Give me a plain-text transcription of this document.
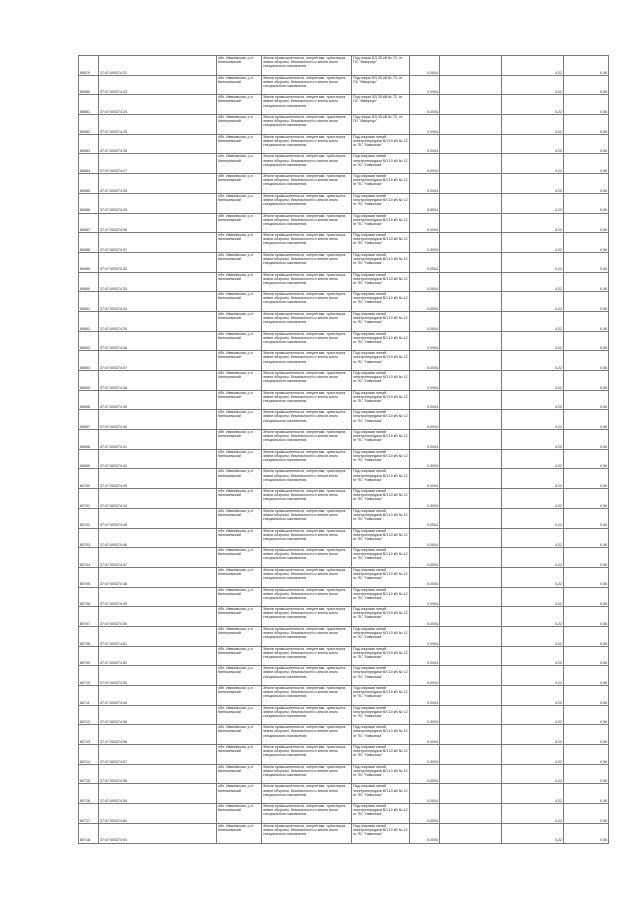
80679	37:07:000374:22	обл. Ивановская, р-н Кинешемский	Земли промышленности, энергетики, транспорта, земли обороны, безопасности и земли иного специального назначения	Под опоры ВЛ-35 кВ № 72, от ПС "Ивкорпус"	0,0004		4,22	0,06
80680	37:07:000374:23	обл. Ивановская, р-н Кинешемский	Земли промышленности, энергетики, транспорта, земли обороны, безопасности и земли иного специального назначения	Под опоры ВЛ-35 кВ № 72, от ПС "Ивкорпус"	0,0004		4,22	0,06
80681	37:07:000374:24	обл. Ивановская, р-н Кинешемский	Земли промышленности, энергетики, транспорта, земли обороны, безопасности и земли иного специального назначения	Под опоры ВЛ-35 кВ № 72, от ПС "Ивкорпус"	0,0004		4,22	0,06
80682	37:07:000374:25	обл. Ивановская, р-н Кинешемский	Земли промышленности, энергетики, транспорта, земли обороны, безопасности и земли иного специального назначения	Под опоры ВЛ-35 кВ № 72, от ПС "Ивкорпус"	0,0004		4,22	0,06
80683	37:07:000374:26	обл. Ивановская, р-н Кинешемский	Земли промышленности, энергетики, транспорта, земли обороны, безопасности и земли иного специального назначения	Под опорами линий электропередачи ВЛ-10 кВ № 12 от ПС "Наволоки"	0,0004		4,22	0,06
80684	37:07:000374:27	обл. Ивановская, р-н Кинешемский	Земли промышленности, энергетики, транспорта, земли обороны, безопасности и земли иного специального назначения	Под опорами линий электропередачи ВЛ-10 кВ № 12 от ПС "Наволоки"	0,0004		4,22	0,06
80685	37:07:000374:28	обл. Ивановская, р-н Кинешемский	Земли промышленности, энергетики, транспорта, земли обороны, безопасности и земли иного специального назначения	Под опорами линий электропередачи ВЛ-10 кВ № 12 от ПС "Наволоки"	0,0004		4,22	0,06
80686	37:07:000374:29	обл. Ивановская, р-н Кинешемский	Земли промышленности, энергетики, транспорта, земли обороны, безопасности и земли иного специального назначения	Под опорами линий электропередачи ВЛ-10 кВ № 12 от ПС "Наволоки"	0,0004		4,22	0,06
80687	37:07:000374:30	обл. Ивановская, р-н Кинешемский	Земли промышленности, энергетики, транспорта, земли обороны, безопасности и земли иного специального назначения	Под опорами линий электропередачи ВЛ-10 кВ № 12 от ПС "Наволоки"	0,0004		4,22	0,06
80688	37:07:000374:31	обл. Ивановская, р-н Кинешемский	Земли промышленности, энергетики, транспорта, земли обороны, безопасности и земли иного специального назначения	Под опорами линий электропередачи ВЛ-10 кВ № 12 от ПС "Наволоки"	0,0004		4,22	0,06
80689	37:07:000374:32	обл. Ивановская, р-н Кинешемский	Земли промышленности, энергетики, транспорта, земли обороны, безопасности и земли иного специального назначения	Под опорами линий электропередачи ВЛ-10 кВ № 12 от ПС "Наволоки"	0,0004		4,22	0,06
80690	37:07:000374:33	обл. Ивановская, р-н Кинешемский	Земли промышленности, энергетики, транспорта, земли обороны, безопасности и земли иного специального назначения	Под опорами линий электропередачи ВЛ-10 кВ № 12 от ПС "Наволоки"	0,0004		4,22	0,06
80691	37:07:000374:34	обл. Ивановская, р-н Кинешемский	Земли промышленности, энергетики, транспорта, земли обороны, безопасности и земли иного специального назначения	Под опорами линий электропередачи ВЛ-10 кВ № 12 от ПС "Наволоки"	0,0004		4,22	0,06
80692	37:07:000374:35	обл. Ивановская, р-н Кинешемский	Земли промышленности, энергетики, транспорта, земли обороны, безопасности и земли иного специального назначения	Под опорами линий электропередачи ВЛ-10 кВ № 12 от ПС "Наволоки"	0,0004		4,22	0,06
80693	37:07:000374:36	обл. Ивановская, р-н Кинешемский	Земли промышленности, энергетики, транспорта, земли обороны, безопасности и земли иного специального назначения	Под опорами линий электропередачи ВЛ-10 кВ № 12 от ПС "Наволоки"	0,0004		4,22	0,06
80694	37:07:000374:37	обл. Ивановская, р-н Кинешемский	Земли промышленности, энергетики, транспорта, земли обороны, безопасности и земли иного специального назначения	Под опорами линий электропередачи ВЛ-10 кВ № 12 от ПС "Наволоки"	0,0004		4,22	0,06
80695	37:07:000374:38	обл. Ивановская, р-н Кинешемский	Земли промышленности, энергетики, транспорта, земли обороны, безопасности и земли иного специального назначения	Под опорами линий электропередачи ВЛ-10 кВ № 12 от ПС "Наволоки"	0,0004		4,22	0,06
80696	37:07:000374:39	обл. Ивановская, р-н Кинешемский	Земли промышленности, энергетики, транспорта, земли обороны, безопасности и земли иного специального назначения	Под опорами линий электропередачи ВЛ-10 кВ № 12 от ПС "Наволоки"	0,0004		4,22	0,06
80697	37:07:000374:40	обл. Ивановская, р-н Кинешемский	Земли промышленности, энергетики, транспорта, земли обороны, безопасности и земли иного специального назначения	Под опорами линий электропередачи ВЛ-10 кВ № 12 от ПС "Наволоки"	0,0004		4,22	0,06
80698	37:07:000374:41	обл. Ивановская, р-н Кинешемский	Земли промышленности, энергетики, транспорта, земли обороны, безопасности и земли иного специального назначения	Под опорами линий электропередачи ВЛ-10 кВ № 12 от ПС "Наволоки"	0,0004		4,22	0,06
80699	37:07:000374:42	обл. Ивановская, р-н Кинешемский	Земли промышленности, энергетики, транспорта, земли обороны, безопасности и земли иного специального назначения	Под опорами линий электропередачи ВЛ-10 кВ № 12 от ПС "Наволоки"	0,0004		4,22	0,06
80700	37:07:000374:43	обл. Ивановская, р-н Кинешемский	Земли промышленности, энергетики, транспорта, земли обороны, безопасности и земли иного специального назначения	Под опорами линий электропередачи ВЛ-10 кВ № 12 от ПС "Наволоки"	0,0004		4,22	0,06
80701	37:07:000374:44	обл. Ивановская, р-н Кинешемский	Земли промышленности, энергетики, транспорта, земли обороны, безопасности и земли иного специального назначения	Под опорами линий электропередачи ВЛ-10 кВ № 12 от ПС "Наволоки"	0,0004		4,22	0,06
80702	37:07:000374:45	обл. Ивановская, р-н Кинешемский	Земли промышленности, энергетики, транспорта, земли обороны, безопасности и земли иного специального назначения	Под опорами линий электропередачи ВЛ-10 кВ № 12 от ПС "Наволоки"	0,0004		4,22	0,06
80703	37:07:000374:46	обл. Ивановская, р-н Кинешемский	Земли промышленности, энергетики, транспорта, земли обороны, безопасности и земли иного специального назначения	Под опорами линий электропередачи ВЛ-10 кВ № 12 от ПС "Наволоки"	0,0004		4,22	0,06
80704	37:07:000374:47	обл. Ивановская, р-н Кинешемский	Земли промышленности, энергетики, транспорта, земли обороны, безопасности и земли иного специального назначения	Под опорами линий электропередачи ВЛ-10 кВ № 12 от ПС "Наволоки"	0,0004		4,22	0,06
80705	37:07:000374:48	обл. Ивановская, р-н Кинешемский	Земли промышленности, энергетики, транспорта, земли обороны, безопасности и земли иного специального назначения	Под опорами линий электропередачи ВЛ-10 кВ № 12 от ПС "Наволоки"	0,0004		4,22	0,06
80706	37:07:000374:49	обл. Ивановская, р-н Кинешемский	Земли промышленности, энергетики, транспорта, земли обороны, безопасности и земли иного специального назначения	Под опорами линий электропередачи ВЛ-10 кВ № 12 от ПС "Наволоки"	0,0004		4,22	0,06
80707	37:07:000374:50	обл. Ивановская, р-н Кинешемский	Земли промышленности, энергетики, транспорта, земли обороны, безопасности и земли иного специального назначения	Под опорами линий электропередачи ВЛ-10 кВ № 12 от ПС "Наволоки"	0,0004		4,22	0,06
80708	37:07:000374:51	обл. Ивановская, р-н Кинешемский	Земли промышленности, энергетики, транспорта, земли обороны, безопасности и земли иного специального назначения	Под опорами линий электропередачи ВЛ-10 кВ № 12 от ПС "Наволоки"	0,0004		4,22	0,06
80709	37:07:000374:52	обл. Ивановская, р-н Кинешемский	Земли промышленности, энергетики, транспорта, земли обороны, безопасности и земли иного специального назначения	Под опорами линий электропередачи ВЛ-10 кВ № 12 от ПС "Наволоки"	0,0004		4,22	0,06
80710	37:07:000374:53	обл. Ивановская, р-н Кинешемский	Земли промышленности, энергетики, транспорта, земли обороны, безопасности и земли иного специального назначения	Под опорами линий электропередачи ВЛ-10 кВ № 12 от ПС "Наволоки"	0,0004		4,22	0,06
80711	37:07:000374:54	обл. Ивановская, р-н Кинешемский	Земли промышленности, энергетики, транспорта, земли обороны, безопасности и земли иного специального назначения	Под опорами линий электропередачи ВЛ-10 кВ № 12 от ПС "Наволоки"	0,0004		4,22	0,06
80712	37:07:000374:55	обл. Ивановская, р-н Кинешемский	Земли промышленности, энергетики, транспорта, земли обороны, безопасности и земли иного специального назначения	Под опорами линий электропередачи ВЛ-10 кВ № 12 от ПС "Наволоки"	0,0004		4,22	0,06
80713	37:07:000374:56	обл. Ивановская, р-н Кинешемский	Земли промышленности, энергетики, транспорта, земли обороны, безопасности и земли иного специального назначения	Под опорами линий электропередачи ВЛ-10 кВ № 12 от ПС "Наволоки"	0,0004		4,22	0,06
80714	37:07:000374:57	обл. Ивановская, р-н Кинешемский	Земли промышленности, энергетики, транспорта, земли обороны, безопасности и земли иного специального назначения	Под опорами линий электропередачи ВЛ-10 кВ № 12 от ПС "Наволоки"	0,0004		4,22	0,06
80715	37:07:000374:58	обл. Ивановская, р-н Кинешемский	Земли промышленности, энергетики, транспорта, земли обороны, безопасности и земли иного специального назначения	Под опорами линий электропередачи ВЛ-10 кВ № 12 от ПС "Наволоки"	0,0004		4,22	0,06
80716	37:07:000374:59	обл. Ивановская, р-н Кинешемский	Земли промышленности, энергетики, транспорта, земли обороны, безопасности и земли иного специального назначения	Под опорами линий электропередачи ВЛ-10 кВ № 12 от ПС "Наволоки"	0,0004		4,22	0,06
80717	37:07:000374:60	обл. Ивановская, р-н Кинешемский	Земли промышленности, энергетики, транспорта, земли обороны, безопасности и земли иного специального назначения	Под опорами линий электропередачи ВЛ-10 кВ № 12 от ПС "Наволоки"	0,0004		4,22	0,06
80718	37:07:000374:61	обл. Ивановская, р-н Кинешемский	Земли промышленности, энергетики, транспорта, земли обороны, безопасности и земли иного специального назначения	Под опорами линий электропередачи ВЛ-10 кВ № 12 от ПС "Наволоки"	0,0004		4,22	0,06
